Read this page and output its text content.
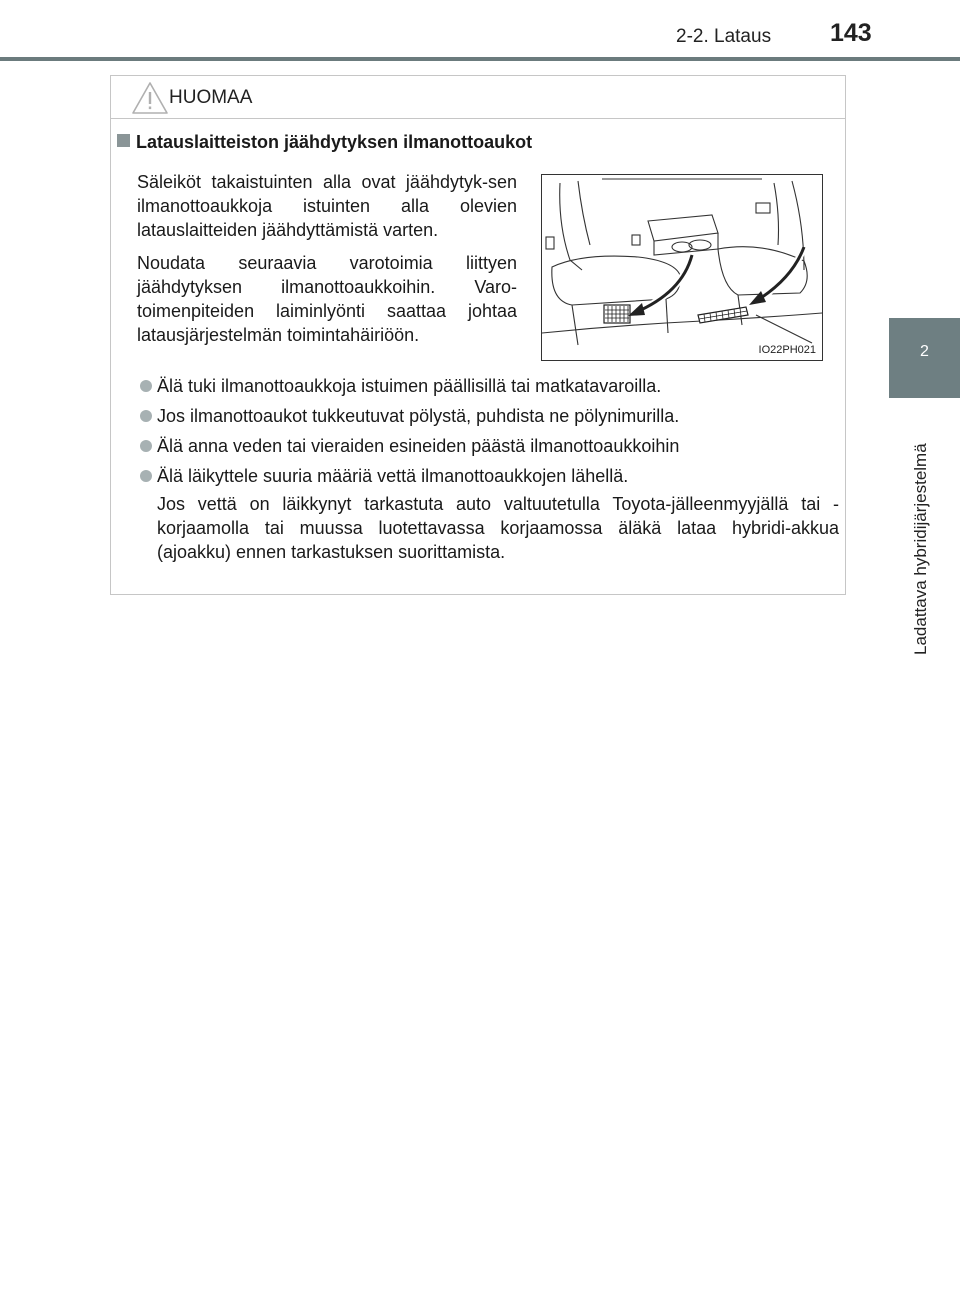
2-2. Lataus 143
2
Ladattava hybridijärjestelmä
HUOMAA
Latauslaitteiston jäähdytyksen ilmanottoaukot

Säleiköt takaistuinten alla ovat jäähdytyk-sen ilmanottoaukkoja istuinten alla olevien latauslaitteiden jäähdyttämistä varten.

Noudata seuraavia varotoimia liittyen jäähdytyksen ilmanottoaukkoihin. Varo-toimenpiteiden laiminlyönti saattaa johtaa latausjärjestelmän toimintahäiriöön.

IO22PH021
Älä tuki ilmanottoaukkoja istuimen päällisillä tai matkatavaroilla.
Jos ilmanottoaukot tukkeutuvat pölystä, puhdista ne pölynimurilla.
Älä anna veden tai vieraiden esineiden päästä ilmanottoaukkoihin
Älä läikyttele suuria määriä vettä ilmanottoaukkojen lähellä.
Jos vettä on läikkynyt tarkastuta auto valtuutetulla Toyota-jälleenmyyjällä tai -korjaamolla tai muussa luotettavassa korjaamossa äläkä lataa hybridi-akkua (ajoakku) ennen tarkastuksen suorittamista.
